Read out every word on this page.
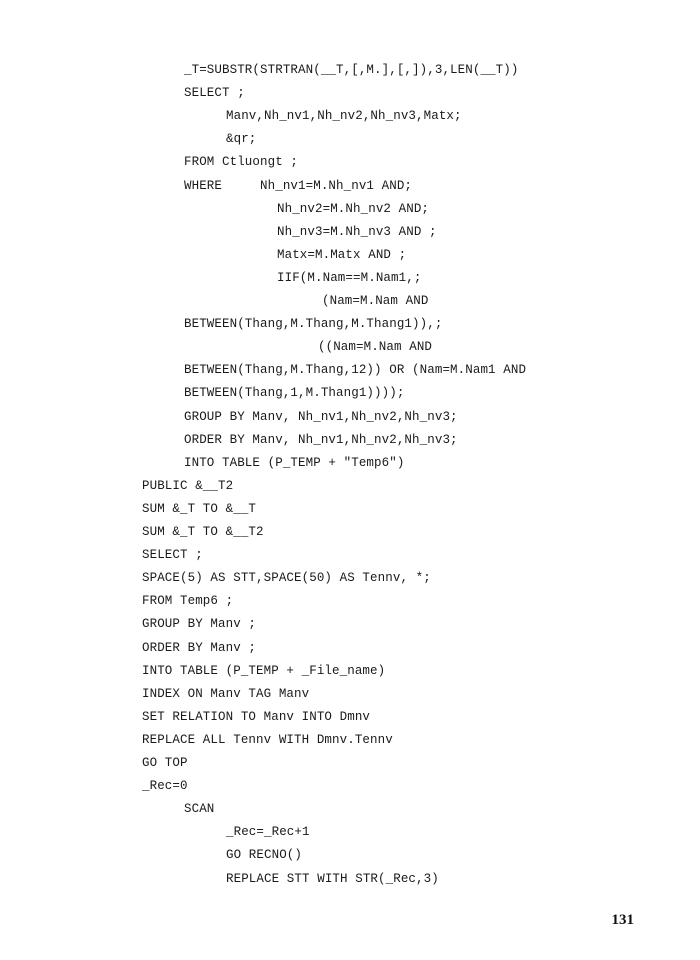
_T=SUBSTR(STRTRAN(__T,[,M.],[,]),3,LEN(__T))
SELECT ;
Manv,Nh_nv1,Nh_nv2,Nh_nv3,Matx;
&qr;
FROM Ctluongt ;
WHERE     Nh_nv1=M.Nh_nv1 AND;
Nh_nv2=M.Nh_nv2 AND;
Nh_nv3=M.Nh_nv3 AND ;
Matx=M.Matx AND ;
IIF(M.Nam==M.Nam1,;
(Nam=M.Nam AND
BETWEEN(Thang,M.Thang,M.Thang1)),;
((Nam=M.Nam AND
BETWEEN(Thang,M.Thang,12)) OR (Nam=M.Nam1 AND
BETWEEN(Thang,1,M.Thang1))));
GROUP BY Manv, Nh_nv1,Nh_nv2,Nh_nv3;
ORDER BY Manv, Nh_nv1,Nh_nv2,Nh_nv3;
INTO TABLE (P_TEMP + "Temp6")
PUBLIC &__T2
SUM &_T TO &__T
SUM &_T TO &__T2
SELECT ;
SPACE(5) AS STT,SPACE(50) AS Tennv, *;
FROM Temp6 ;
GROUP BY Manv ;
ORDER BY Manv ;
INTO TABLE (P_TEMP + _File_name)
INDEX ON Manv TAG Manv
SET RELATION TO Manv INTO Dmnv
REPLACE ALL Tennv WITH Dmnv.Tennv
GO TOP
_Rec=0
SCAN
_Rec=_Rec+1
GO RECNO()
REPLACE STT WITH STR(_Rec,3)
131
